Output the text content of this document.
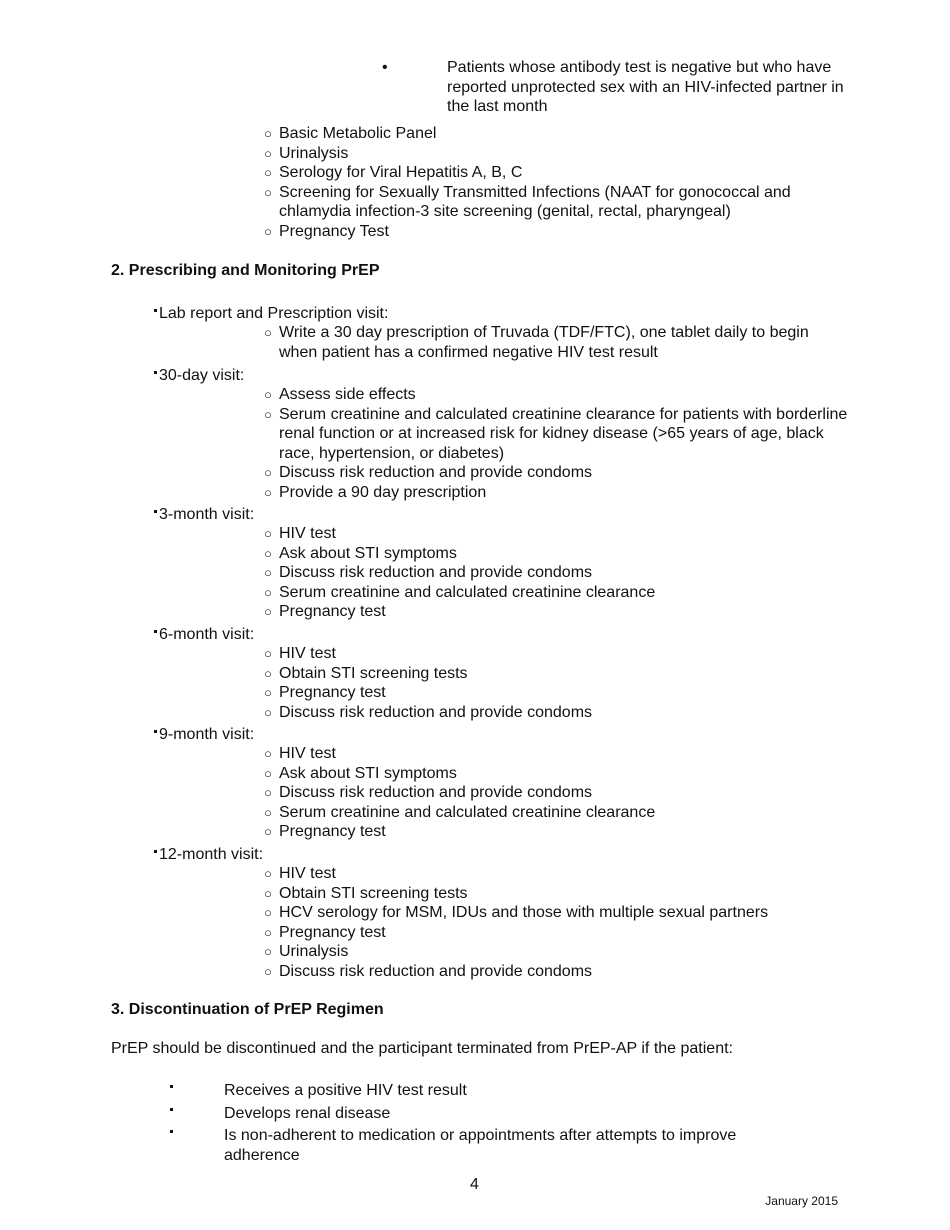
•	Patients whose antibody test is negative but who have reported unprotected sex with an HIV-infected partner in the last month
○ Basic Metabolic Panel
○ Urinalysis
○ Serology for Viral Hepatitis A, B, C
○ Screening for Sexually Transmitted Infections (NAAT for gonococcal and chlamydia infection-3 site screening (genital, rectal, pharyngeal)
○ Pregnancy Test
2. Prescribing and Monitoring PrEP
Lab report and Prescription visit:
○ Write a 30 day prescription of Truvada (TDF/FTC), one tablet daily to begin when patient has a confirmed negative HIV test result
30-day visit:
○ Assess side effects
○ Serum creatinine and calculated creatinine clearance for patients with borderline renal function or at increased risk for kidney disease (>65 years of age, black race, hypertension, or diabetes)
○ Discuss risk reduction and provide condoms
○ Provide a 90 day prescription
3-month visit:
○ HIV test
○ Ask about STI symptoms
○ Discuss risk reduction and provide condoms
○ Serum creatinine and calculated creatinine clearance
○ Pregnancy test
6-month visit:
○ HIV test
○ Obtain STI screening tests
○ Pregnancy test
○ Discuss risk reduction and provide condoms
9-month visit:
○ HIV test
○ Ask about STI symptoms
○ Discuss risk reduction and provide condoms
○ Serum creatinine and calculated creatinine clearance
○ Pregnancy test
12-month visit:
○ HIV test
○ Obtain STI screening tests
○ HCV serology for MSM, IDUs and those with multiple sexual partners
○ Pregnancy test
○ Urinalysis
○ Discuss risk reduction and provide condoms
3. Discontinuation of PrEP Regimen
PrEP should be discontinued and the participant terminated from PrEP-AP if the patient:
Receives a positive HIV test result
Develops renal disease
Is non-adherent to medication or appointments after attempts to improve adherence
4
January 2015
